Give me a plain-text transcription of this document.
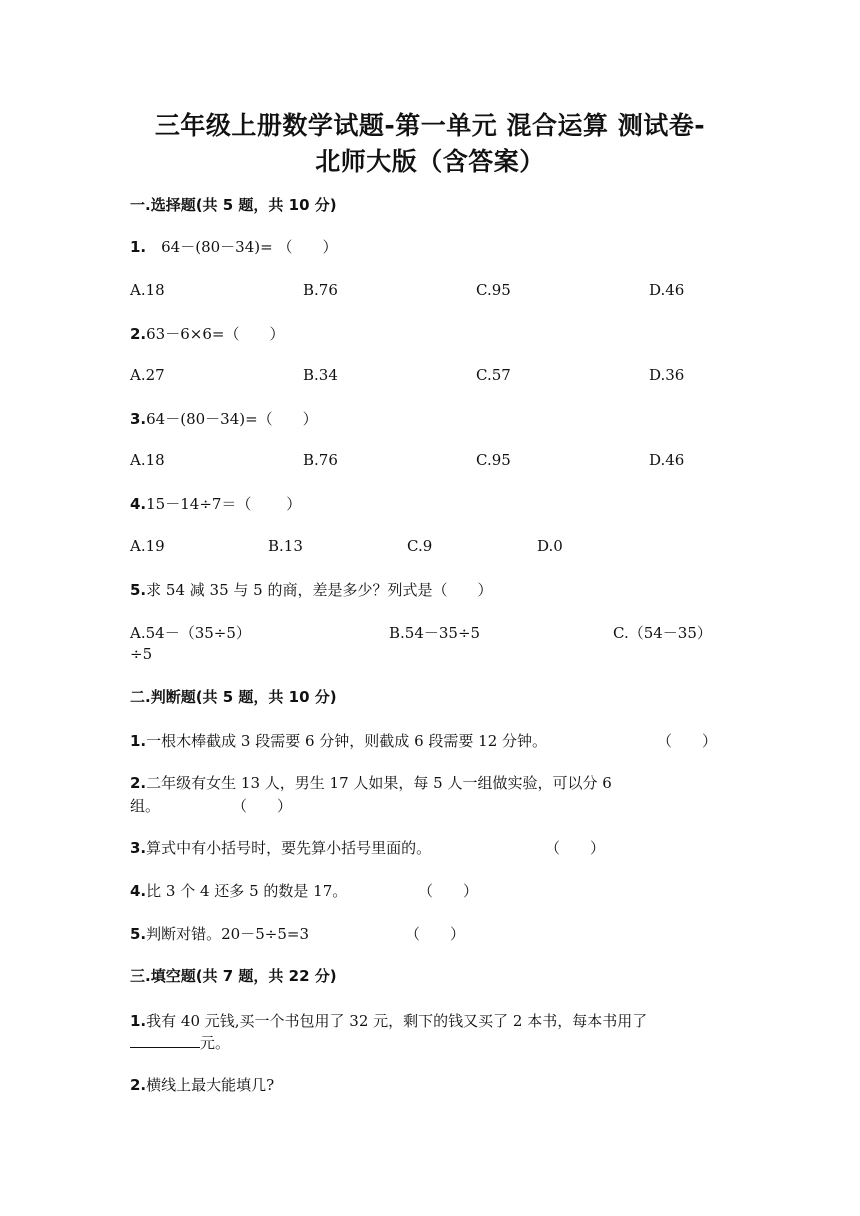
三年级上册数学试题-第一单元 混合运算 测试卷-
北师大版（含答案）
一.选择题(共 5 题，共 10 分)
1.　64－(80－34)= （　　）
A.18	B.76	C.95	D.46
2.63－6×6=（　　）
A.27	B.34	C.57	D.36
3.64－(80－34)=（　　）
A.18	B.76	C.95	D.46
4.15－14÷7＝（　　 ）
A.19	B.13	C.9	D.0
5.求 54 减 35 与 5 的商，差是多少？列式是（　　）
A.54－（35÷5）	B.54－35÷5	C.（54－35）
÷5
二.判断题(共 5 题，共 10 分)
1.一根木棒截成 3 段需要 6 分钟，则截成 6 段需要 12 分钟。	（　　）
2.二年级有女生 13 人，男生 17 人如果，每 5 人一组做实验，可以分 6
组。	（　　）
3.算式中有小括号时，要先算小括号里面的。	（　　）
4.比 3 个 4 还多 5 的数是 17。	（　　）
5.判断对错。20－5÷5=3	（　　）
三.填空题(共 7 题，共 22 分)
1.我有 40 元钱,买一个书包用了 32 元，剩下的钱又买了 2 本书，每本书用了
元。
2.横线上最大能填几?
